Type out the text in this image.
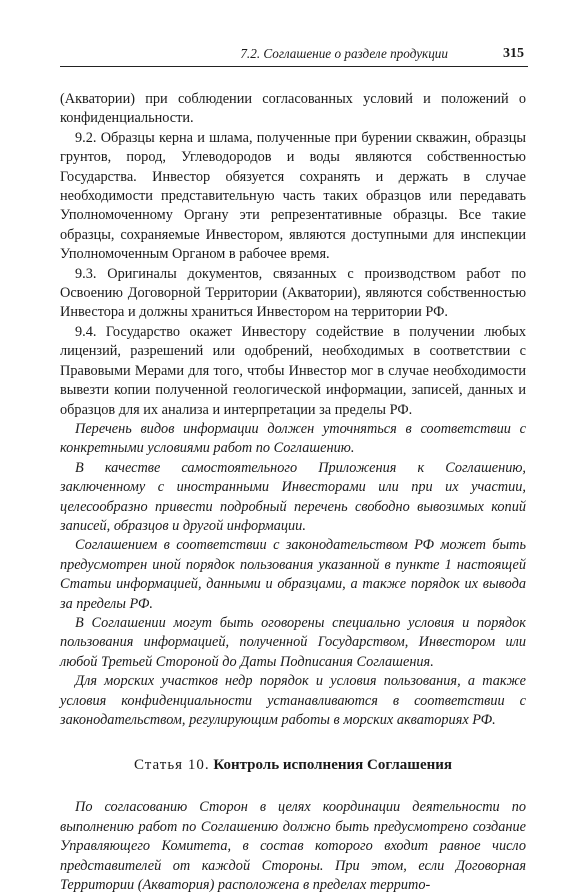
7.2. Соглашение о разделе продукции	315

(Акватории) при соблюдении согласованных условий и положений о конфиденциальности.

9.2. Образцы керна и шлама, полученные при бурении скважин, образцы грунтов, пород, Углеводородов и воды являются собственностью Государства. Инвестор обязуется сохранять и держать в случае необходимости представительную часть таких образцов или передавать Уполномоченному Органу эти репрезентативные образцы. Все такие образцы, сохраняемые Инвестором, являются доступными для инспекции Уполномоченным Органом в рабочее время.

9.3. Оригиналы документов, связанных с производством работ по Освоению Договорной Территории (Акватории), являются собственностью Инвестора и должны храниться Инвестором на территории РФ.

9.4. Государство окажет Инвестору содействие в получении любых лицензий, разрешений или одобрений, необходимых в соответствии с Правовыми Мерами для того, чтобы Инвестор мог в случае необходимости вывезти копии полученной геологической информации, записей, данных и образцов для их анализа и интерпретации за пределы РФ.

Перечень видов информации должен уточняться в соответствии с конкретными условиями работ по Соглашению.

В качестве самостоятельного Приложения к Соглашению, заключенному с иностранными Инвесторами или при их участии, целесообразно привести подробный перечень свободно вывозимых копий записей, образцов и другой информации.

Соглашением в соответствии с законодательством РФ может быть предусмотрен иной порядок пользования указанной в пункте 1 настоящей Статьи информацией, данными и образцами, а также порядок их вывода за пределы РФ.

В Соглашении могут быть оговорены специально условия и порядок пользования информацией, полученной Государством, Инвестором или любой Третьей Стороной до Даты Подписания Соглашения.

Для морских участков недр порядок и условия пользования, а также условия конфиденциальности устанавливаются в соответствии с законодательством, регулирующим работы в морских акваториях РФ.

Статья 10. Контроль исполнения Соглашения

По согласованию Сторон в целях координации деятельности по выполнению работ по Соглашению должно быть предусмотрено создание Управляющего Комитета, в состав которого входит равное число представителей от каждой Стороны. При этом, если Договорная Территории (Акватория) расположена в пределах террито-
